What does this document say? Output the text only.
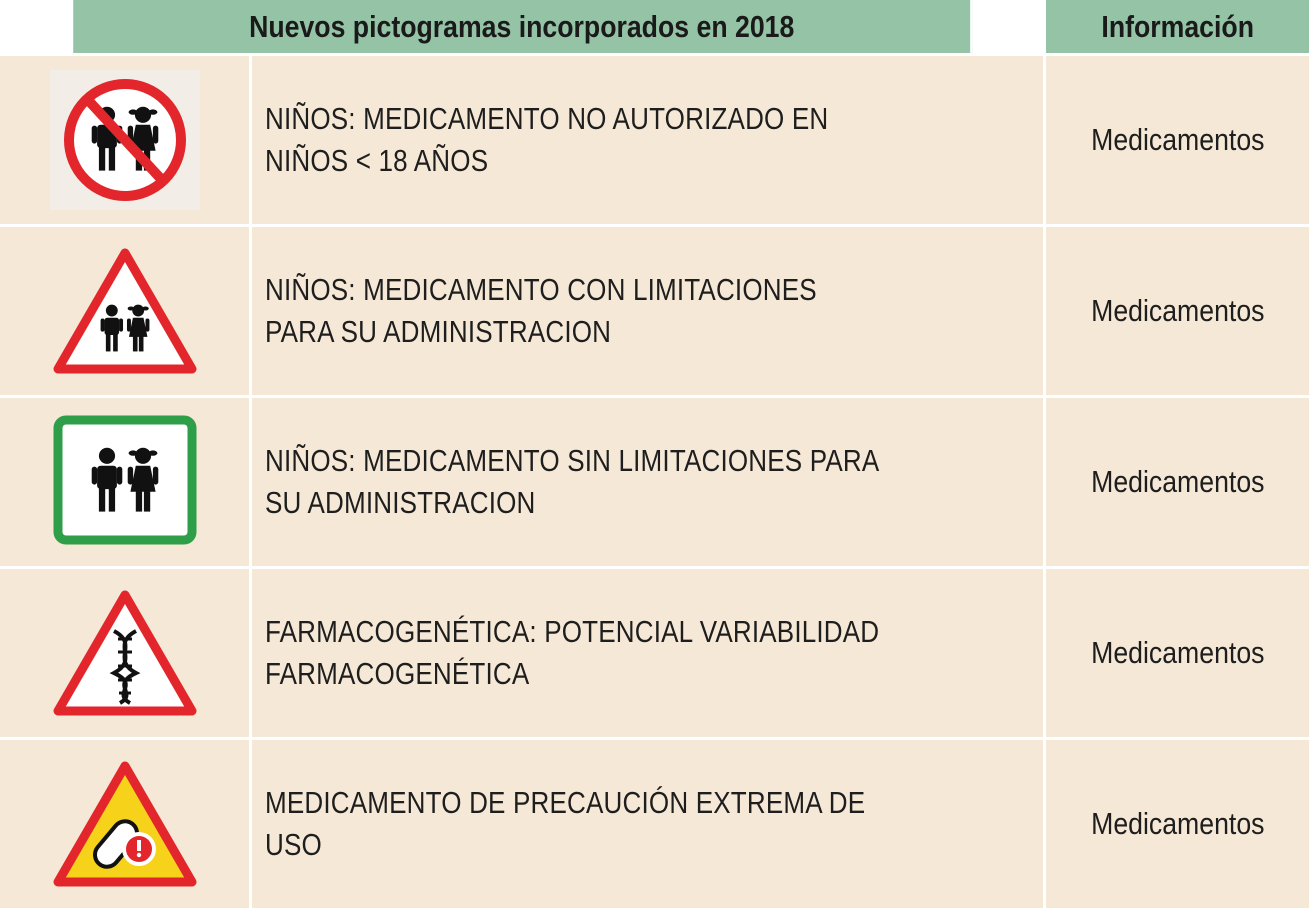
Nuevos pictogramas incorporados en 2018	Información
NIÑOS: MEDICAMENTO NO AUTORIZADO EN NIÑOS < 18 AÑOS
Medicamentos
NIÑOS: MEDICAMENTO CON LIMITACIONES PARA SU ADMINISTRACION
Medicamentos
NIÑOS: MEDICAMENTO SIN LIMITACIONES PARA SU ADMINISTRACION
Medicamentos
FARMACOGENÉTICA: POTENCIAL VARIABILIDAD FARMACOGENÉTICA
Medicamentos
MEDICAMENTO DE PRECAUCIÓN EXTREMA DE USO
Medicamentos
